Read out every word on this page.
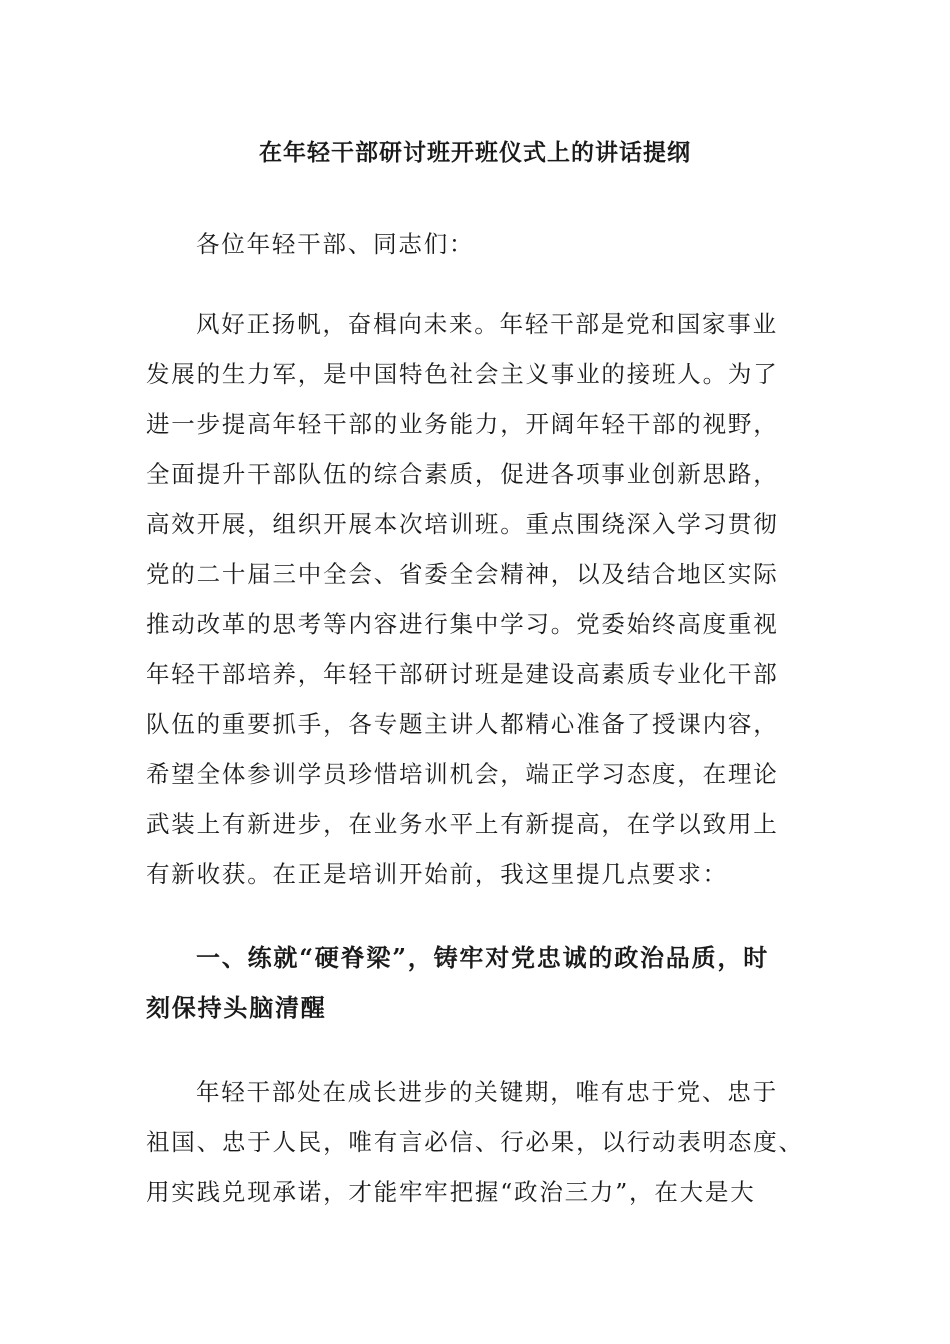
在年轻干部研讨班开班仪式上的讲话提纲
各位年轻干部、同志们：
风好正扬帆，奋楫向未来。年轻干部是党和国家事业
发展的生力军，是中国特色社会主义事业的接班人。为了
进一步提高年轻干部的业务能力，开阔年轻干部的视野，
全面提升干部队伍的综合素质，促进各项事业创新思路，
高效开展，组织开展本次培训班。重点围绕深入学习贯彻
党的二十届三中全会、省委全会精神，以及结合地区实际
推动改革的思考等内容进行集中学习。党委始终高度重视
年轻干部培养，年轻干部研讨班是建设高素质专业化干部
队伍的重要抓手，各专题主讲人都精心准备了授课内容，
希望全体参训学员珍惜培训机会，端正学习态度，在理论
武装上有新进步，在业务水平上有新提高，在学以致用上
有新收获。在正是培训开始前，我这里提几点要求：
一、练就“硬脊梁”，铸牢对党忠诚的政治品质，时
刻保持头脑清醒
年轻干部处在成长进步的关键期，唯有忠于党、忠于
祖国、忠于人民，唯有言必信、行必果，以行动表明态度、
用实践兑现承诺，才能牢牢把握“政治三力”，在大是大
